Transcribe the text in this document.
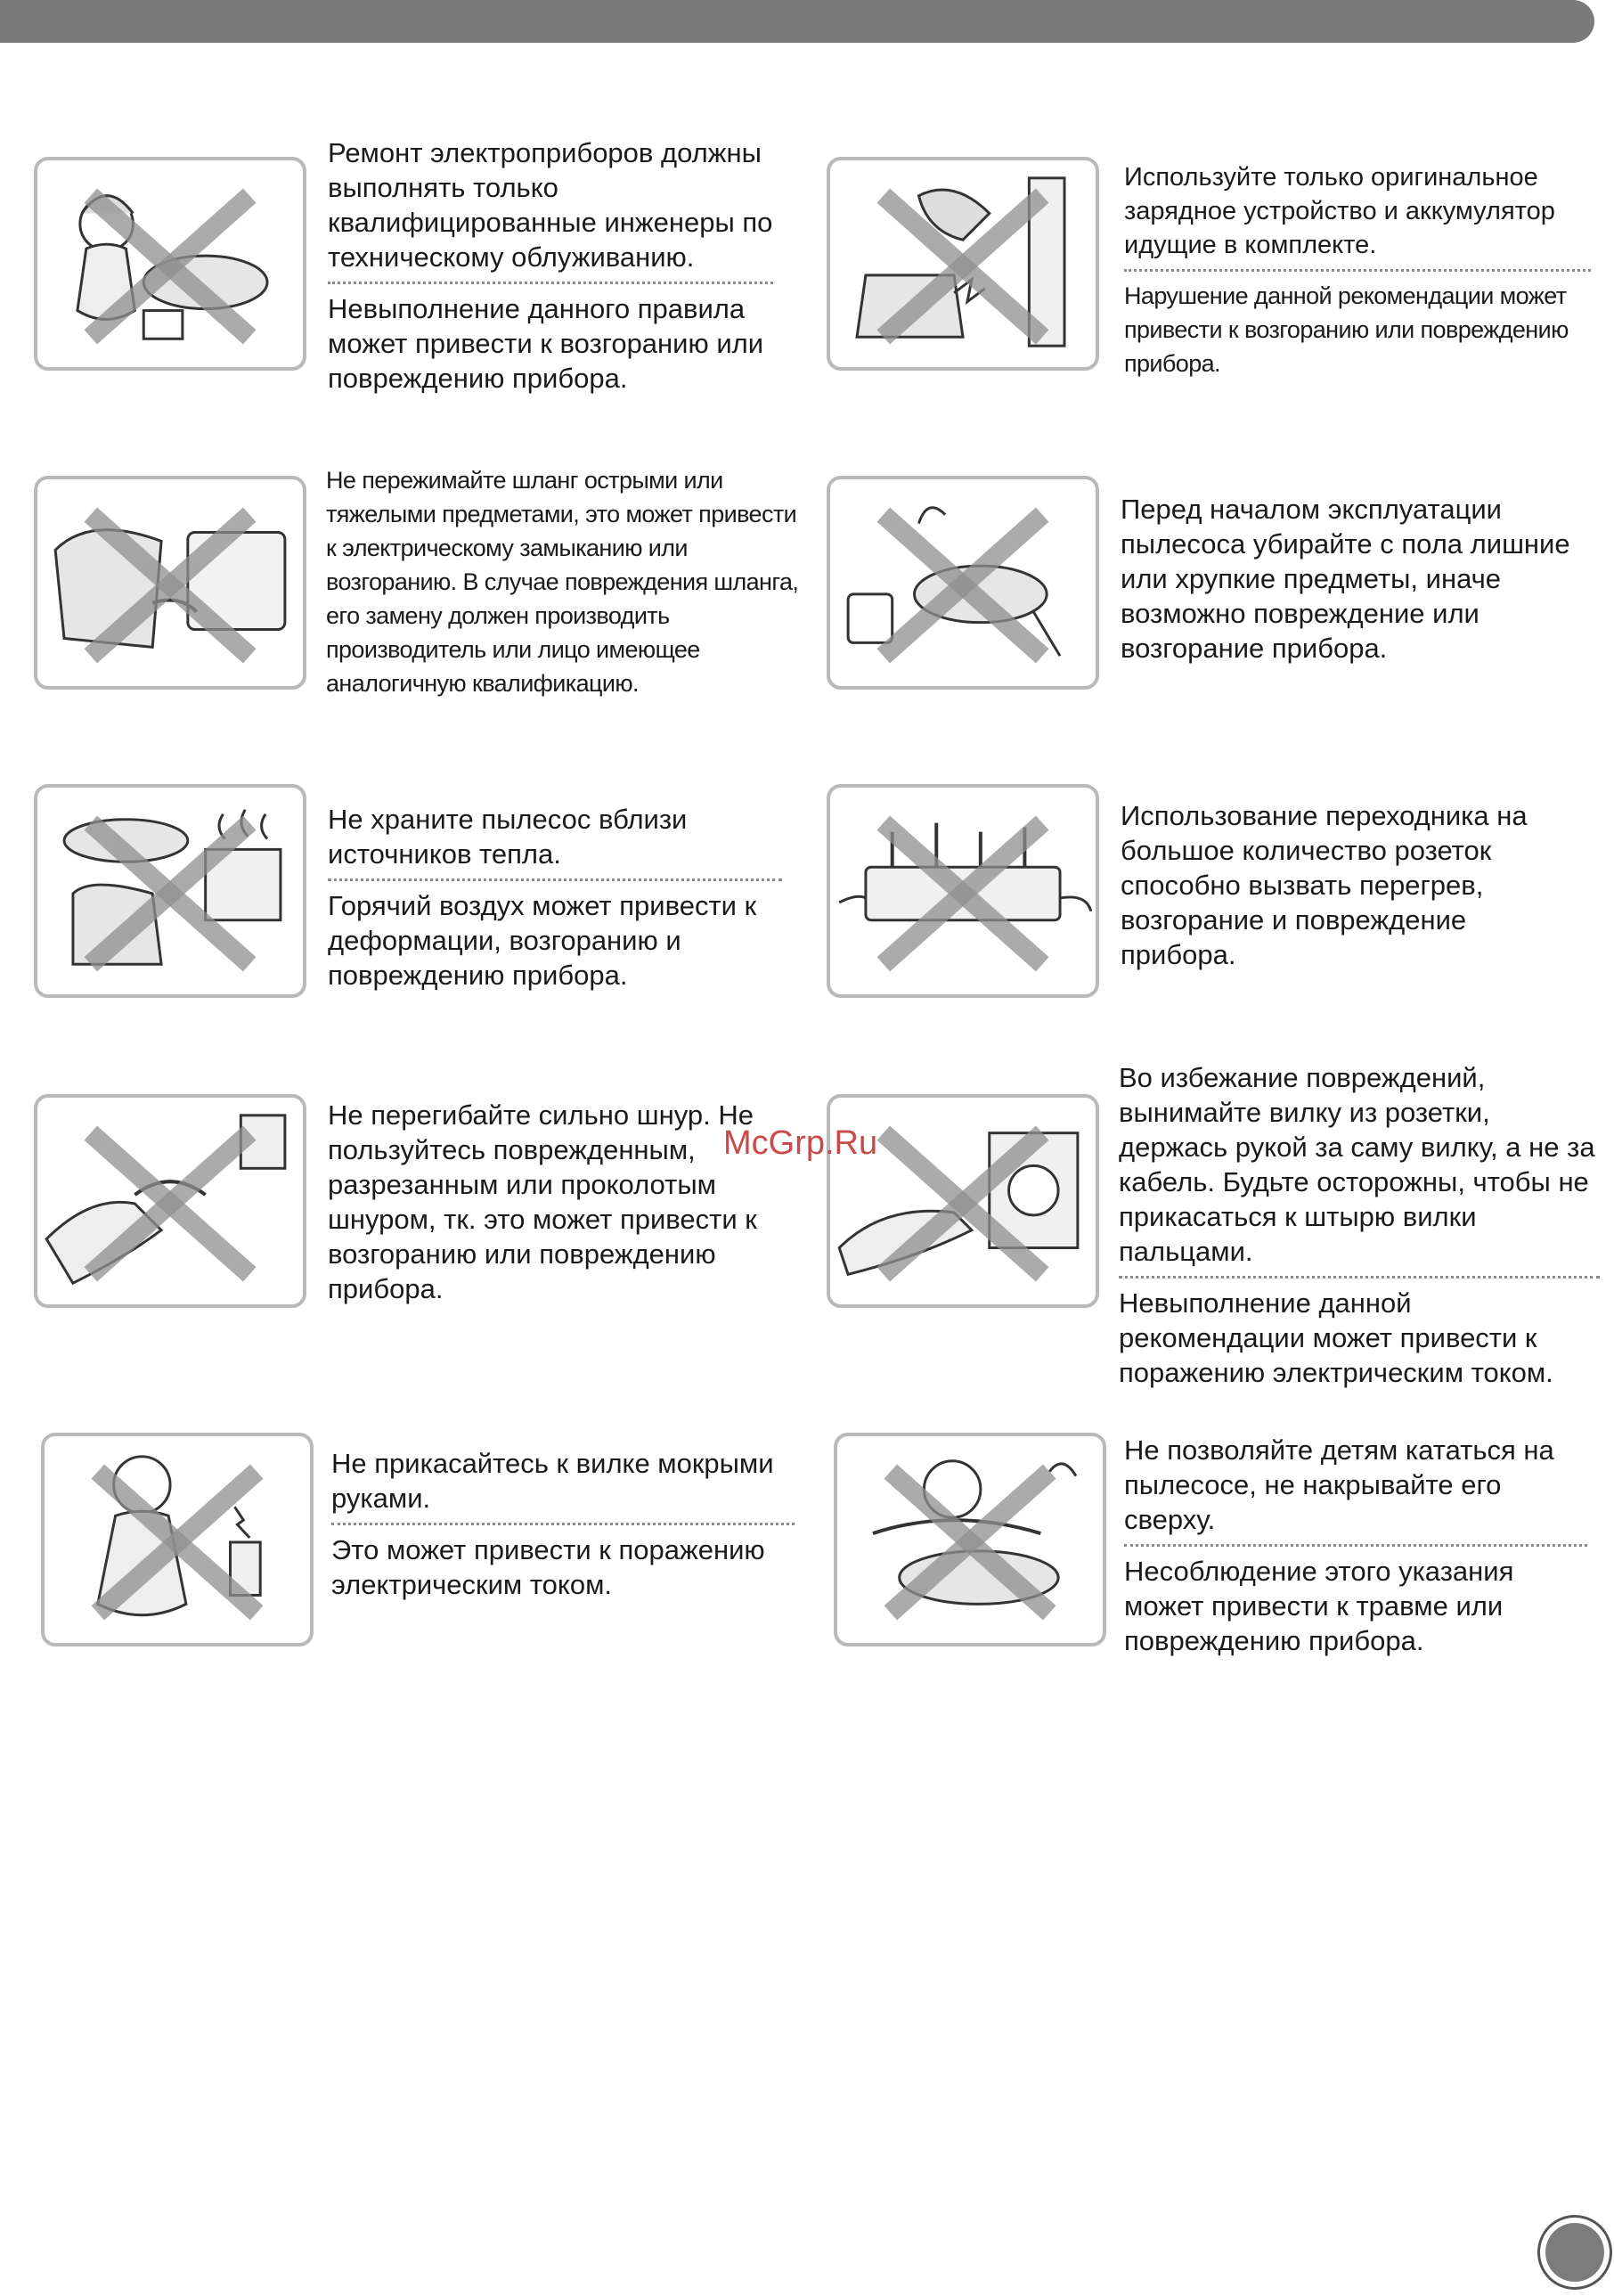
Ремонт электроприборов должны выполнять только квалифицированные инженеры по техническому облуживанию.

Невыполнение данного правила может привести к возгоранию или повреждению прибора.

Используйте только оригинальное зарядное устройство и аккумулятор идущие в комплекте.

Нарушение данной рекомендации может привести к возгоранию или повреждению прибора.

Не пережимайте шланг острыми или тяжелыми предметами, это может привести к электрическому замыканию или возгоранию. В случае повреждения шланга, его замену должен производить производитель или лицо имеющее аналогичную квалификацию.

Перед началом эксплуатации пылесоса убирайте с пола лишние или хрупкие предметы, иначе возможно повреждение или возгорание прибора.

Не храните пылесос вблизи источников тепла.

Горячий воздух может привести к деформации, возгоранию и повреждению прибора.

Использование переходника на большое количество розеток способно вызвать перегрев, возгорание и повреждение прибора.

Не перегибайте сильно шнур. Не пользуйтесь поврежденным, разрезанным или проколотым шнуром, тк. это может привести к возгоранию или повреждению прибора.

Во избежание повреждений, вынимайте вилку из розетки, держась рукой за саму вилку, а не за кабель. Будьте осторожны, чтобы не прикасаться к штырю вилки пальцами.

Невыполнение данной рекомендации может привести к поражению электрическим током.

Не прикасайтесь к вилке мокрыми руками.

Это может привести к поражению электрическим током.

Не позволяйте детям кататься на пылесосе, не накрывайте его сверху.

Несоблюдение этого указания может привести к травме или повреждению прибора.

McGrp.Ru
